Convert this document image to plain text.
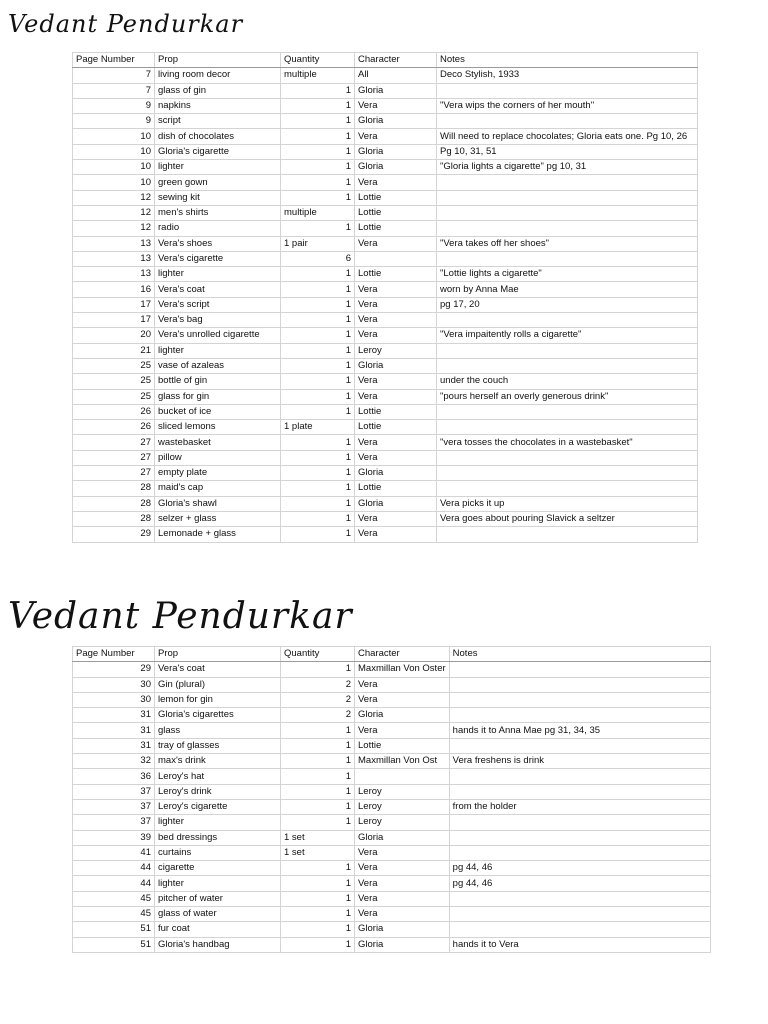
Vedant Pendurkar
Page Number	Prop	Quantity	Character	Notes
7	living room decor	multiple	All	Deco Stylish, 1933
7	glass of gin	1	Gloria	
9	napkins	1	Vera	"Vera wips the corners of her mouth"
9	script	1	Gloria	
10	dish of chocolates	1	Vera	Will need to replace chocolates; Gloria eats one. Pg 10, 26
10	Gloria's cigarette	1	Gloria	Pg 10, 31, 51
10	lighter	1	Gloria	"Gloria lights a cigarette" pg 10, 31
10	green gown	1	Vera	
12	sewing kit	1	Lottie	
12	men's shirts	multiple	Lottie	
12	radio	1	Lottie	
13	Vera's shoes	1 pair	Vera	"Vera takes off her shoes"
13	Vera's cigarette	6		
13	lighter	1	Lottie	"Lottie lights a cigarette"
16	Vera's coat	1	Vera	worn by Anna Mae
17	Vera's script	1	Vera	pg 17, 20
17	Vera's bag	1	Vera	
20	Vera's unrolled cigarette	1	Vera	"Vera impaitently rolls a cigarette"
21	lighter	1	Leroy	
25	vase of azaleas	1	Gloria	
25	bottle of gin	1	Vera	under the couch
25	glass for gin	1	Vera	"pours herself an overly generous drink"
26	bucket of ice	1	Lottie	
26	sliced lemons	1 plate	Lottie	
27	wastebasket	1	Vera	"vera tosses the chocolates in a wastebasket"
27	pillow	1	Vera	
27	empty plate	1	Gloria	
28	maid's cap	1	Lottie	
28	Gloria's shawl	1	Gloria	Vera picks it up
28	selzer + glass	1	Vera	Vera goes about pouring Slavick a seltzer
29	Lemonade + glass	1	Vera	
Vedant Pendurkar
Page Number	Prop	Quantity	Character	Notes
29	Vera's coat	1	Maxmillan Von Oster	
30	Gin (plural)	2	Vera	
30	lemon for gin	2	Vera	
31	Gloria's cigarettes	2	Gloria	
31	glass	1	Vera	hands it to Anna Mae pg 31, 34, 35
31	tray of glasses	1	Lottie	
32	max's drink	1	Maxmillan Von Ost	Vera freshens is drink
36	Leroy's hat	1		
37	Leroy's drink	1	Leroy	
37	Leroy's cigarette	1	Leroy	from the holder
37	lighter	1	Leroy	
39	bed dressings	1 set	Gloria	
41	curtains	1 set	Vera	
44	cigarette	1	Vera	pg 44, 46
44	lighter	1	Vera	pg 44, 46
45	pitcher of water	1	Vera	
45	glass of water	1	Vera	
51	fur coat	1	Gloria	
51	Gloria's handbag	1	Gloria	hands it to Vera
